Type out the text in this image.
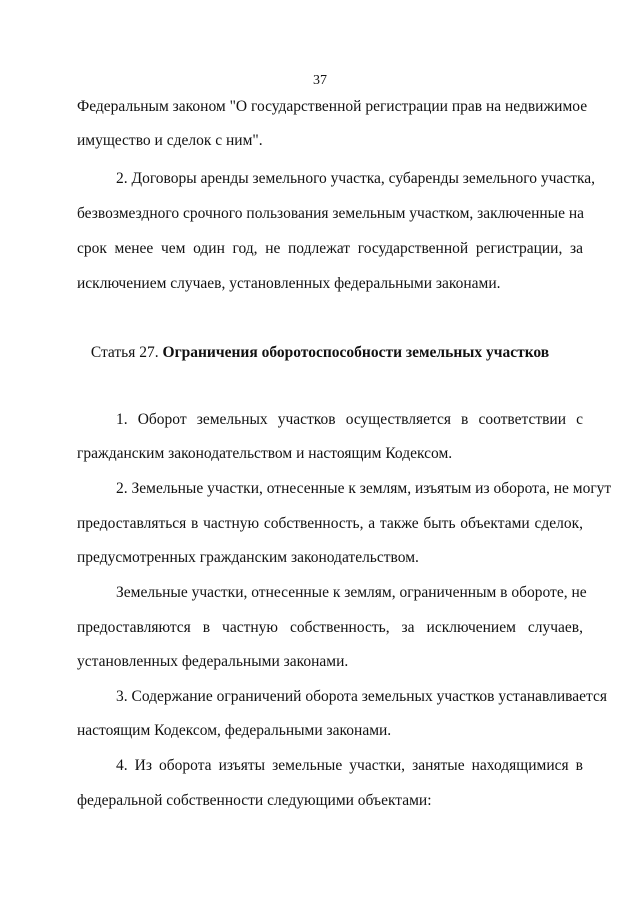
37
Федеральным законом "О государственной регистрации прав на недвижимое
имущество и сделок с ним".
2. Договоры аренды земельного участка, субаренды земельного участка,
безвозмездного срочного пользования земельным участком, заключенные на
срок менее чем один год, не подлежат государственной регистрации, за
исключением случаев, установленных федеральными законами.
Статья 27. Ограничения оборотоспособности земельных участков
1. Оборот земельных участков осуществляется в соответствии с
гражданским законодательством и настоящим Кодексом.
2. Земельные участки, отнесенные к землям, изъятым из оборота, не могут
предоставляться в частную собственность, а также быть объектами сделок,
предусмотренных гражданским законодательством.
Земельные участки, отнесенные к землям, ограниченным в обороте, не
предоставляются в частную собственность, за исключением случаев,
установленных федеральными законами.
3. Содержание ограничений оборота земельных участков устанавливается
настоящим Кодексом, федеральными законами.
4. Из оборота изъяты земельные участки, занятые находящимися в
федеральной собственности следующими объектами:
